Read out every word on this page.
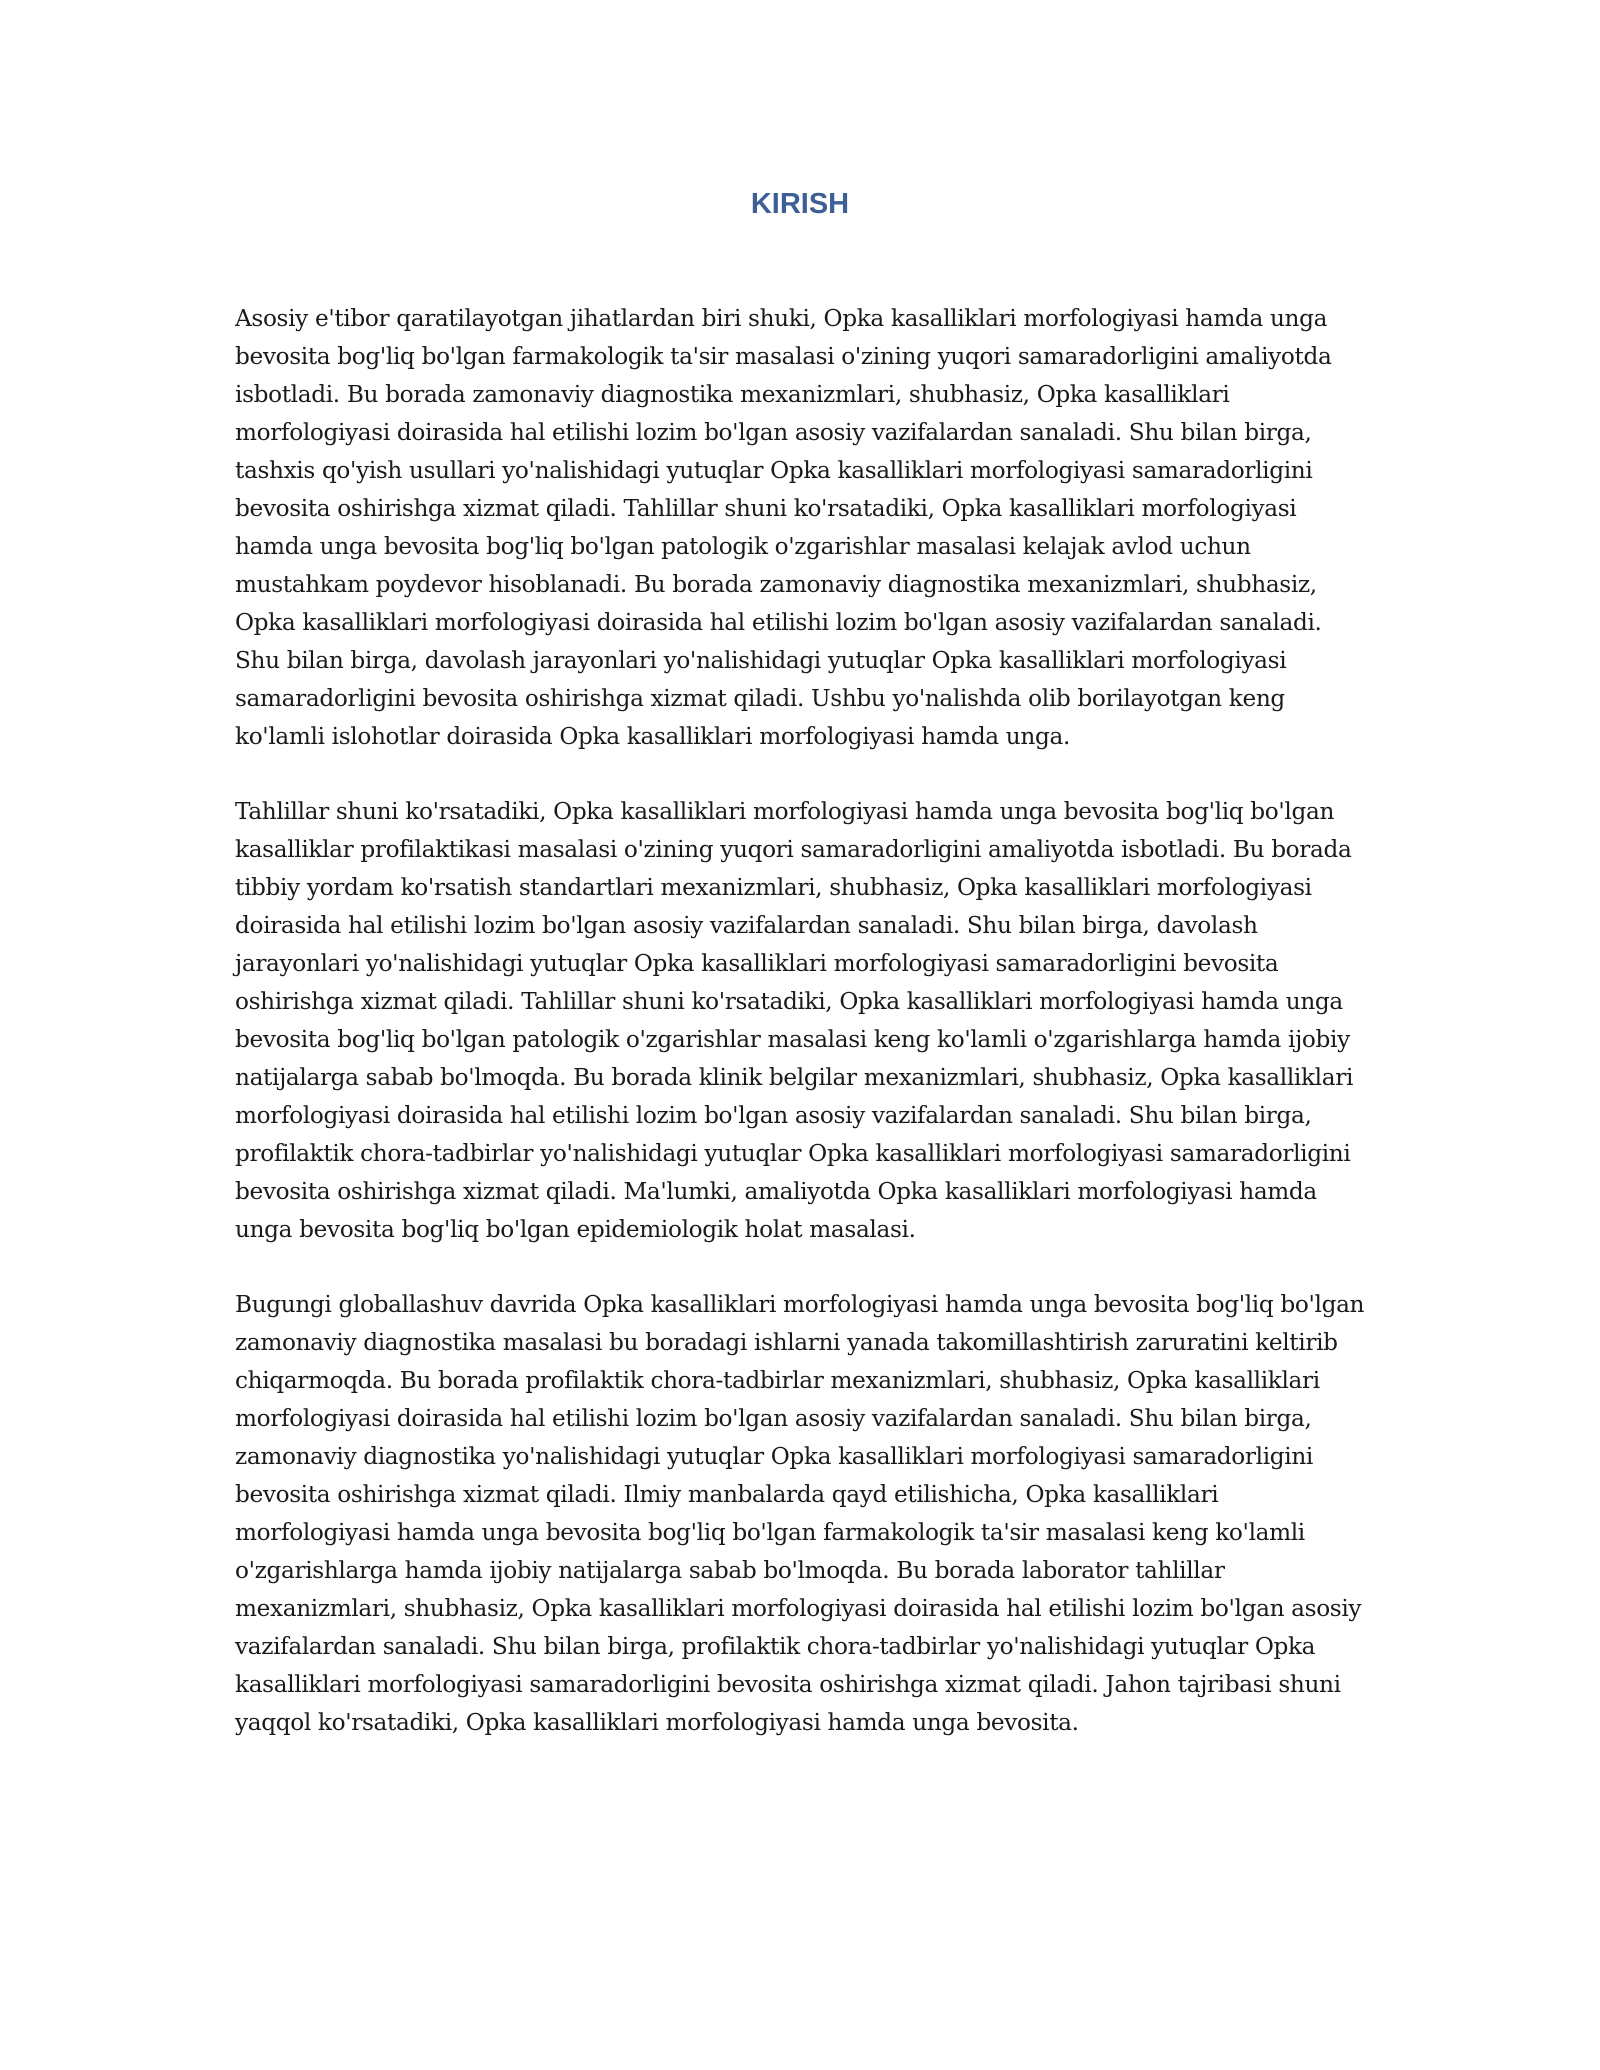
KIRISH

Asosiy e'tibor qaratilayotgan jihatlardan biri shuki, Opka kasalliklari morfologiyasi hamda unga bevosita bog'liq bo'lgan farmakologik ta'sir masalasi o'zining yuqori samaradorligini amaliyotda isbotladi. Bu borada zamonaviy diagnostika mexanizmlari, shubhasiz, Opka kasalliklari morfologiyasi doirasida hal etilishi lozim bo'lgan asosiy vazifalardan sanaladi. Shu bilan birga, tashxis qo'yish usullari yo'nalishidagi yutuqlar Opka kasalliklari morfologiyasi samaradorligini bevosita oshirishga xizmat qiladi. Tahlillar shuni ko'rsatadiki, Opka kasalliklari morfologiyasi hamda unga bevosita bog'liq bo'lgan patologik o'zgarishlar masalasi kelajak avlod uchun mustahkam poydevor hisoblanadi. Bu borada zamonaviy diagnostika mexanizmlari, shubhasiz, Opka kasalliklari morfologiyasi doirasida hal etilishi lozim bo'lgan asosiy vazifalardan sanaladi. Shu bilan birga, davolash jarayonlari yo'nalishidagi yutuqlar Opka kasalliklari morfologiyasi samaradorligini bevosita oshirishga xizmat qiladi. Ushbu yo'nalishda olib borilayotgan keng ko'lamli islohotlar doirasida Opka kasalliklari morfologiyasi hamda unga.

Tahlillar shuni ko'rsatadiki, Opka kasalliklari morfologiyasi hamda unga bevosita bog'liq bo'lgan kasalliklar profilaktikasi masalasi o'zining yuqori samaradorligini amaliyotda isbotladi. Bu borada tibbiy yordam ko'rsatish standartlari mexanizmlari, shubhasiz, Opka kasalliklari morfologiyasi doirasida hal etilishi lozim bo'lgan asosiy vazifalardan sanaladi. Shu bilan birga, davolash jarayonlari yo'nalishidagi yutuqlar Opka kasalliklari morfologiyasi samaradorligini bevosita oshirishga xizmat qiladi. Tahlillar shuni ko'rsatadiki, Opka kasalliklari morfologiyasi hamda unga bevosita bog'liq bo'lgan patologik o'zgarishlar masalasi keng ko'lamli o'zgarishlarga hamda ijobiy natijalarga sabab bo'lmoqda. Bu borada klinik belgilar mexanizmlari, shubhasiz, Opka kasalliklari morfologiyasi doirasida hal etilishi lozim bo'lgan asosiy vazifalardan sanaladi. Shu bilan birga, profilaktik chora-tadbirlar yo'nalishidagi yutuqlar Opka kasalliklari morfologiyasi samaradorligini bevosita oshirishga xizmat qiladi. Ma'lumki, amaliyotda Opka kasalliklari morfologiyasi hamda unga bevosita bog'liq bo'lgan epidemiologik holat masalasi.

Bugungi globallashuv davrida Opka kasalliklari morfologiyasi hamda unga bevosita bog'liq bo'lgan zamonaviy diagnostika masalasi bu boradagi ishlarni yanada takomillashtirish zaruratini keltirib chiqarmoqda. Bu borada profilaktik chora-tadbirlar mexanizmlari, shubhasiz, Opka kasalliklari morfologiyasi doirasida hal etilishi lozim bo'lgan asosiy vazifalardan sanaladi. Shu bilan birga, zamonaviy diagnostika yo'nalishidagi yutuqlar Opka kasalliklari morfologiyasi samaradorligini bevosita oshirishga xizmat qiladi. Ilmiy manbalarda qayd etilishicha, Opka kasalliklari morfologiyasi hamda unga bevosita bog'liq bo'lgan farmakologik ta'sir masalasi keng ko'lamli o'zgarishlarga hamda ijobiy natijalarga sabab bo'lmoqda. Bu borada laborator tahlillar mexanizmlari, shubhasiz, Opka kasalliklari morfologiyasi doirasida hal etilishi lozim bo'lgan asosiy vazifalardan sanaladi. Shu bilan birga, profilaktik chora-tadbirlar yo'nalishidagi yutuqlar Opka kasalliklari morfologiyasi samaradorligini bevosita oshirishga xizmat qiladi. Jahon tajribasi shuni yaqqol ko'rsatadiki, Opka kasalliklari morfologiyasi hamda unga bevosita.
